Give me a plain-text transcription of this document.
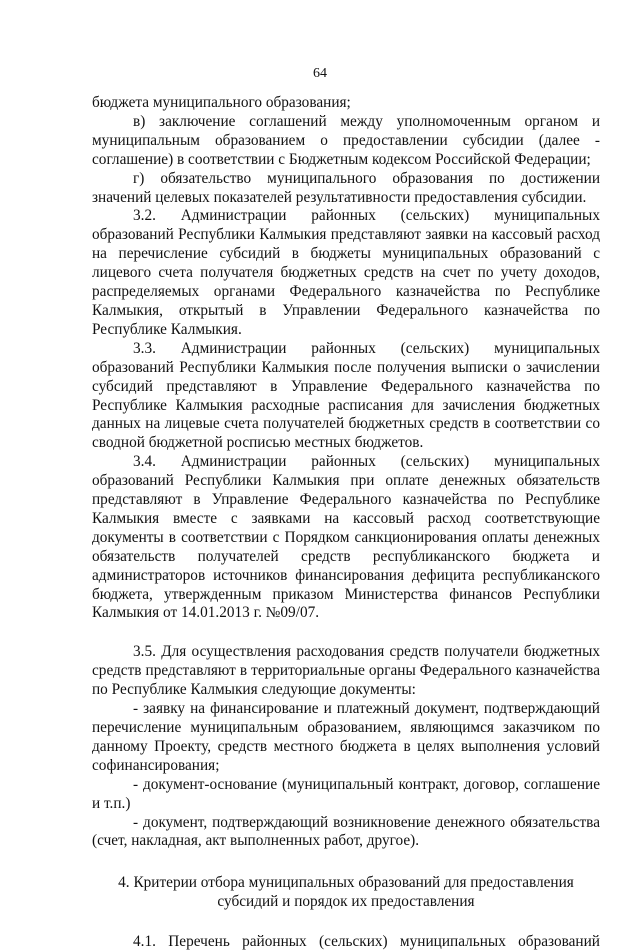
64

бюджета муниципального образования;

в) заключение соглашений между уполномоченным органом и муниципальным образованием о предоставлении субсидии (далее - соглашение) в соответствии с Бюджетным кодексом Российской Федерации;

г) обязательство муниципального образования по достижении значений целевых показателей результативности предоставления субсидии.

3.2. Администрации районных (сельских) муниципальных образований Республики Калмыкия представляют заявки на кассовый расход на перечисление субсидий в бюджеты муниципальных образований с лицевого счета получателя бюджетных средств на счет по учету доходов, распределяемых органами Федерального казначейства по Республике Калмыкия, открытый в Управлении Федерального казначейства по Республике Калмыкия.

3.3. Администрации районных (сельских) муниципальных образований Республики Калмыкия после получения выписки о зачислении субсидий представляют в Управление Федерального казначейства по Республике Калмыкия расходные расписания для зачисления бюджетных данных на лицевые счета получателей бюджетных средств в соответствии со сводной бюджетной росписью местных бюджетов.

3.4. Администрации районных (сельских) муниципальных образований Республики Калмыкия при оплате денежных обязательств представляют в Управление Федерального казначейства по Республике Калмыкия вместе с заявками на кассовый расход соответствующие документы в соответствии с Порядком санкционирования оплаты денежных обязательств получателей средств республиканского бюджета и администраторов источников финансирования дефицита республиканского бюджета, утвержденным приказом Министерства финансов Республики Калмыкия от 14.01.2013 г. №09/07.

3.5. Для осуществления расходования средств получатели бюджетных средств представляют в территориальные органы Федерального казначейства по Республике Калмыкия следующие документы:

- заявку на финансирование и платежный документ, подтверждающий перечисление муниципальным образованием, являющимся заказчиком по данному Проекту, средств местного бюджета в целях выполнения условий софинансирования;

- документ-основание (муниципальный контракт, договор, соглашение и т.п.)

- документ, подтверждающий возникновение денежного обязательства (счет, накладная, акт выполненных работ, другое).

4. Критерии отбора муниципальных образований для предоставления
субсидий и порядок их предоставления

4.1. Перечень районных (сельских) муниципальных образований
